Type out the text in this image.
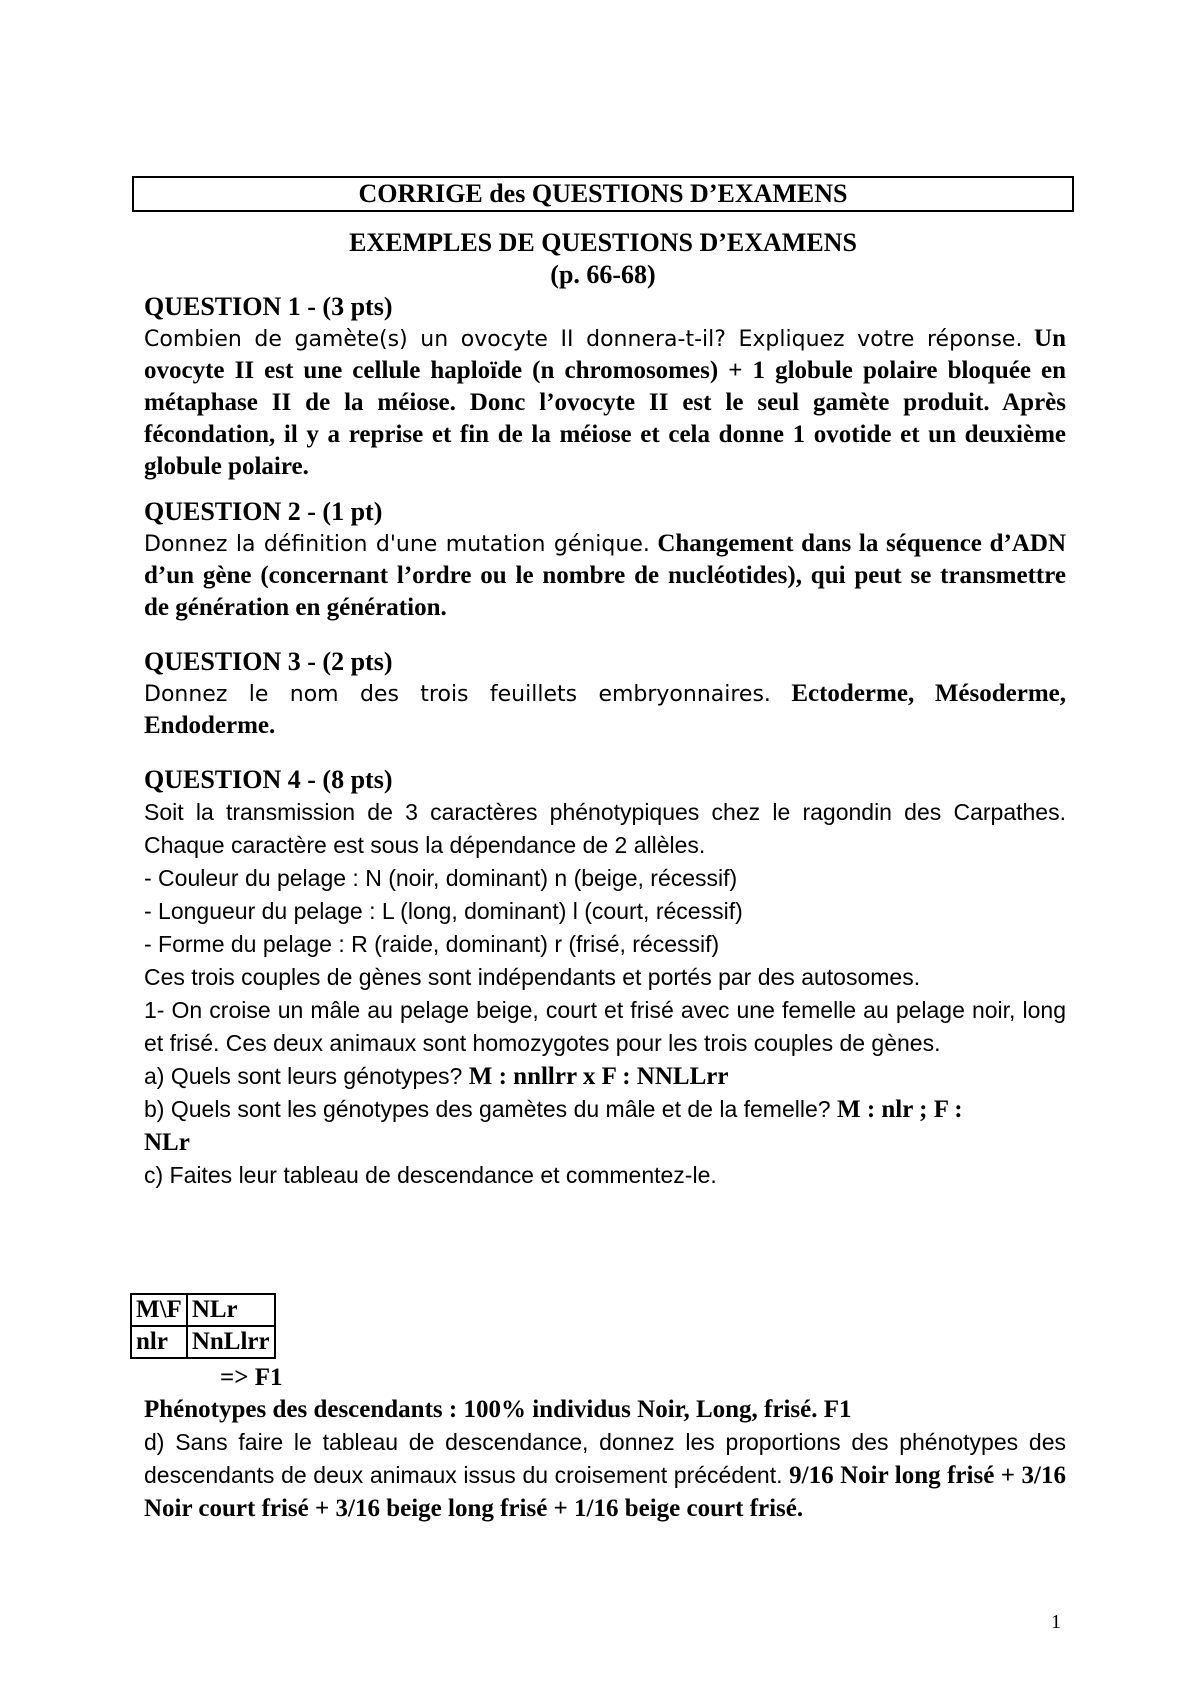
CORRIGE des QUESTIONS D’EXAMENS
EXEMPLES DE QUESTIONS D’EXAMENS
(p. 66-68)
QUESTION 1 - (3 pts)
Combien de gamète(s) un ovocyte II donnera-t-il? Expliquez votre réponse. Un ovocyte II est une cellule haploïde (n chromosomes) + 1 globule polaire bloquée en métaphase II de la méiose. Donc l’ovocyte II est le seul gamète produit. Après fécondation, il y a reprise et fin de la méiose et cela donne 1 ovotide et un deuxième globule polaire.
QUESTION 2 - (1 pt)
Donnez la définition d'une mutation génique. Changement dans la séquence d’ADN d’un gène (concernant l’ordre ou le nombre de nucléotides), qui peut se transmettre de génération en génération.
QUESTION 3 - (2 pts)
Donnez le nom des trois feuillets embryonnaires. Ectoderme, Mésoderme, Endoderme.
QUESTION 4 - (8 pts)
Soit la transmission de 3 caractères phénotypiques chez le ragondin des Carpathes. Chaque caractère est sous la dépendance de 2 allèles.
- Couleur du pelage : N (noir, dominant) n (beige, récessif)
- Longueur du pelage : L (long, dominant) l (court, récessif)
- Forme du pelage : R (raide, dominant) r (frisé, récessif)
Ces trois couples de gènes sont indépendants et portés par des autosomes.
1- On croise un mâle au pelage beige, court et frisé avec une femelle au pelage noir, long et frisé. Ces deux animaux sont homozygotes pour les trois couples de gènes.
a) Quels sont leurs génotypes? M : nnllrr x F : NNLLrr
b) Quels sont les génotypes des gamètes du mâle et de la femelle? M : nlr ; F :
NLr
c) Faites leur tableau de descendance et commentez-le.
M\F	NLr
nlr	NnLlrr
=> F1
Phénotypes des descendants : 100% individus Noir, Long, frisé. F1
d) Sans faire le tableau de descendance, donnez les proportions des phénotypes des descendants de deux animaux issus du croisement précédent. 9/16 Noir long frisé + 3/16 Noir court frisé + 3/16 beige long frisé + 1/16 beige court frisé.
1
